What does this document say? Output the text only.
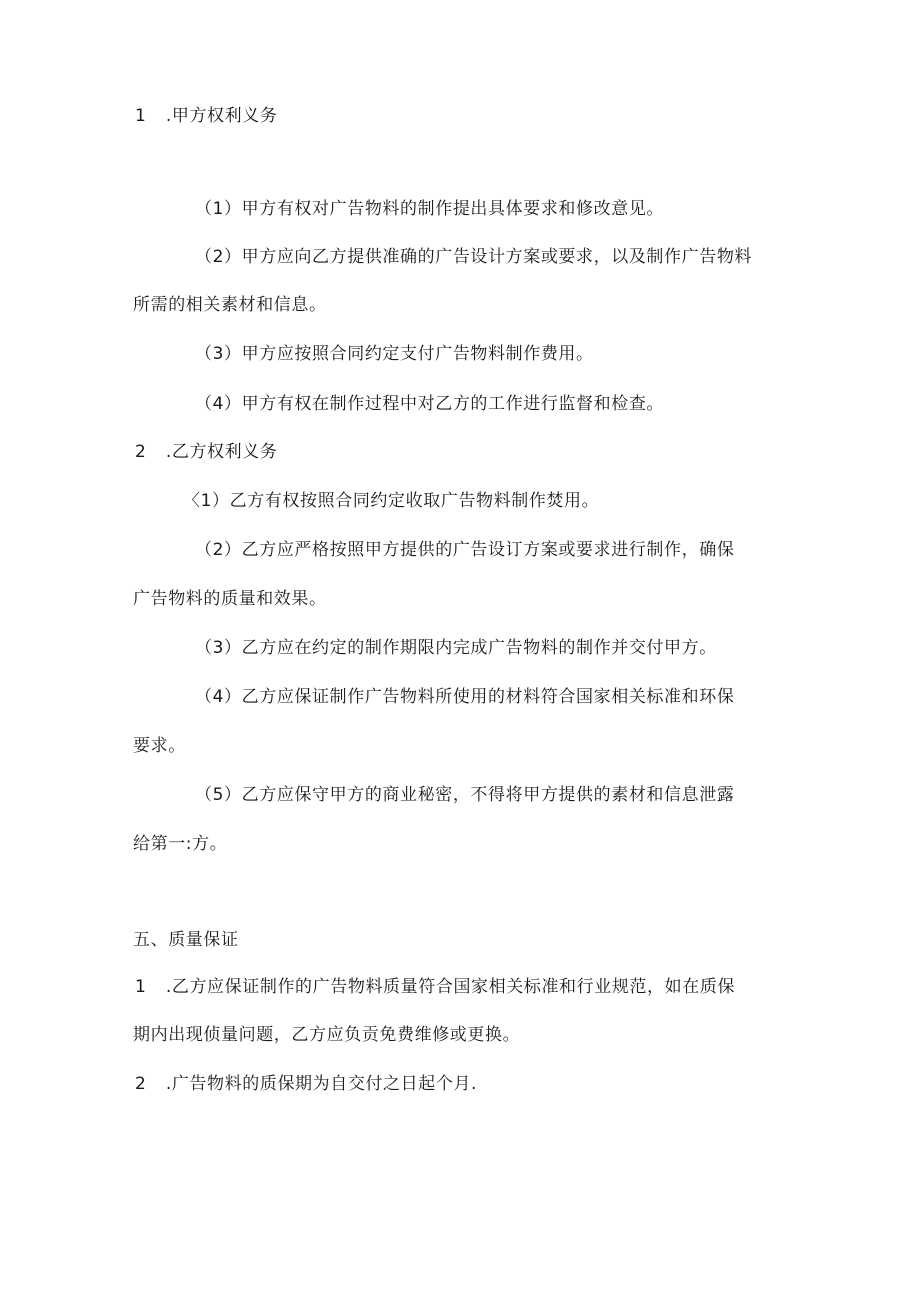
1 .甲方权利义务
（1）甲方有权对广告物料的制作提出具体要求和修改意见。
（2）甲方应向乙方提供准确的广告设计方案或要求，以及制作广告物料
所需的相关素材和信息。
（3）甲方应按照合同约定支付广告物料制作费用。
（4）甲方有权在制作过程中对乙方的工作进行监督和检查。
2 .乙方权利义务
〈1）乙方有权按照合同约定收取广告物料制作焚用。
（2）乙方应严格按照甲方提供的广告设订方案或要求进行制作，确保
广告物料的质量和效果。
（3）乙方应在约定的制作期限内完成广告物料的制作并交付甲方。
（4）乙方应保证制作广告物料所使用的材料符合国家相关标准和环保
要求。
（5）乙方应保守甲方的商业秘密，不得将甲方提供的素材和信息泄露
给第一:方。
五、质量保证
1 .乙方应保证制作的广告物料质量符合国家相关标准和行业规范，如在质保
期内出现侦量问题，乙方应负贡免费维修或更换。
2 .广告物料的质保期为自交付之日起个月.
